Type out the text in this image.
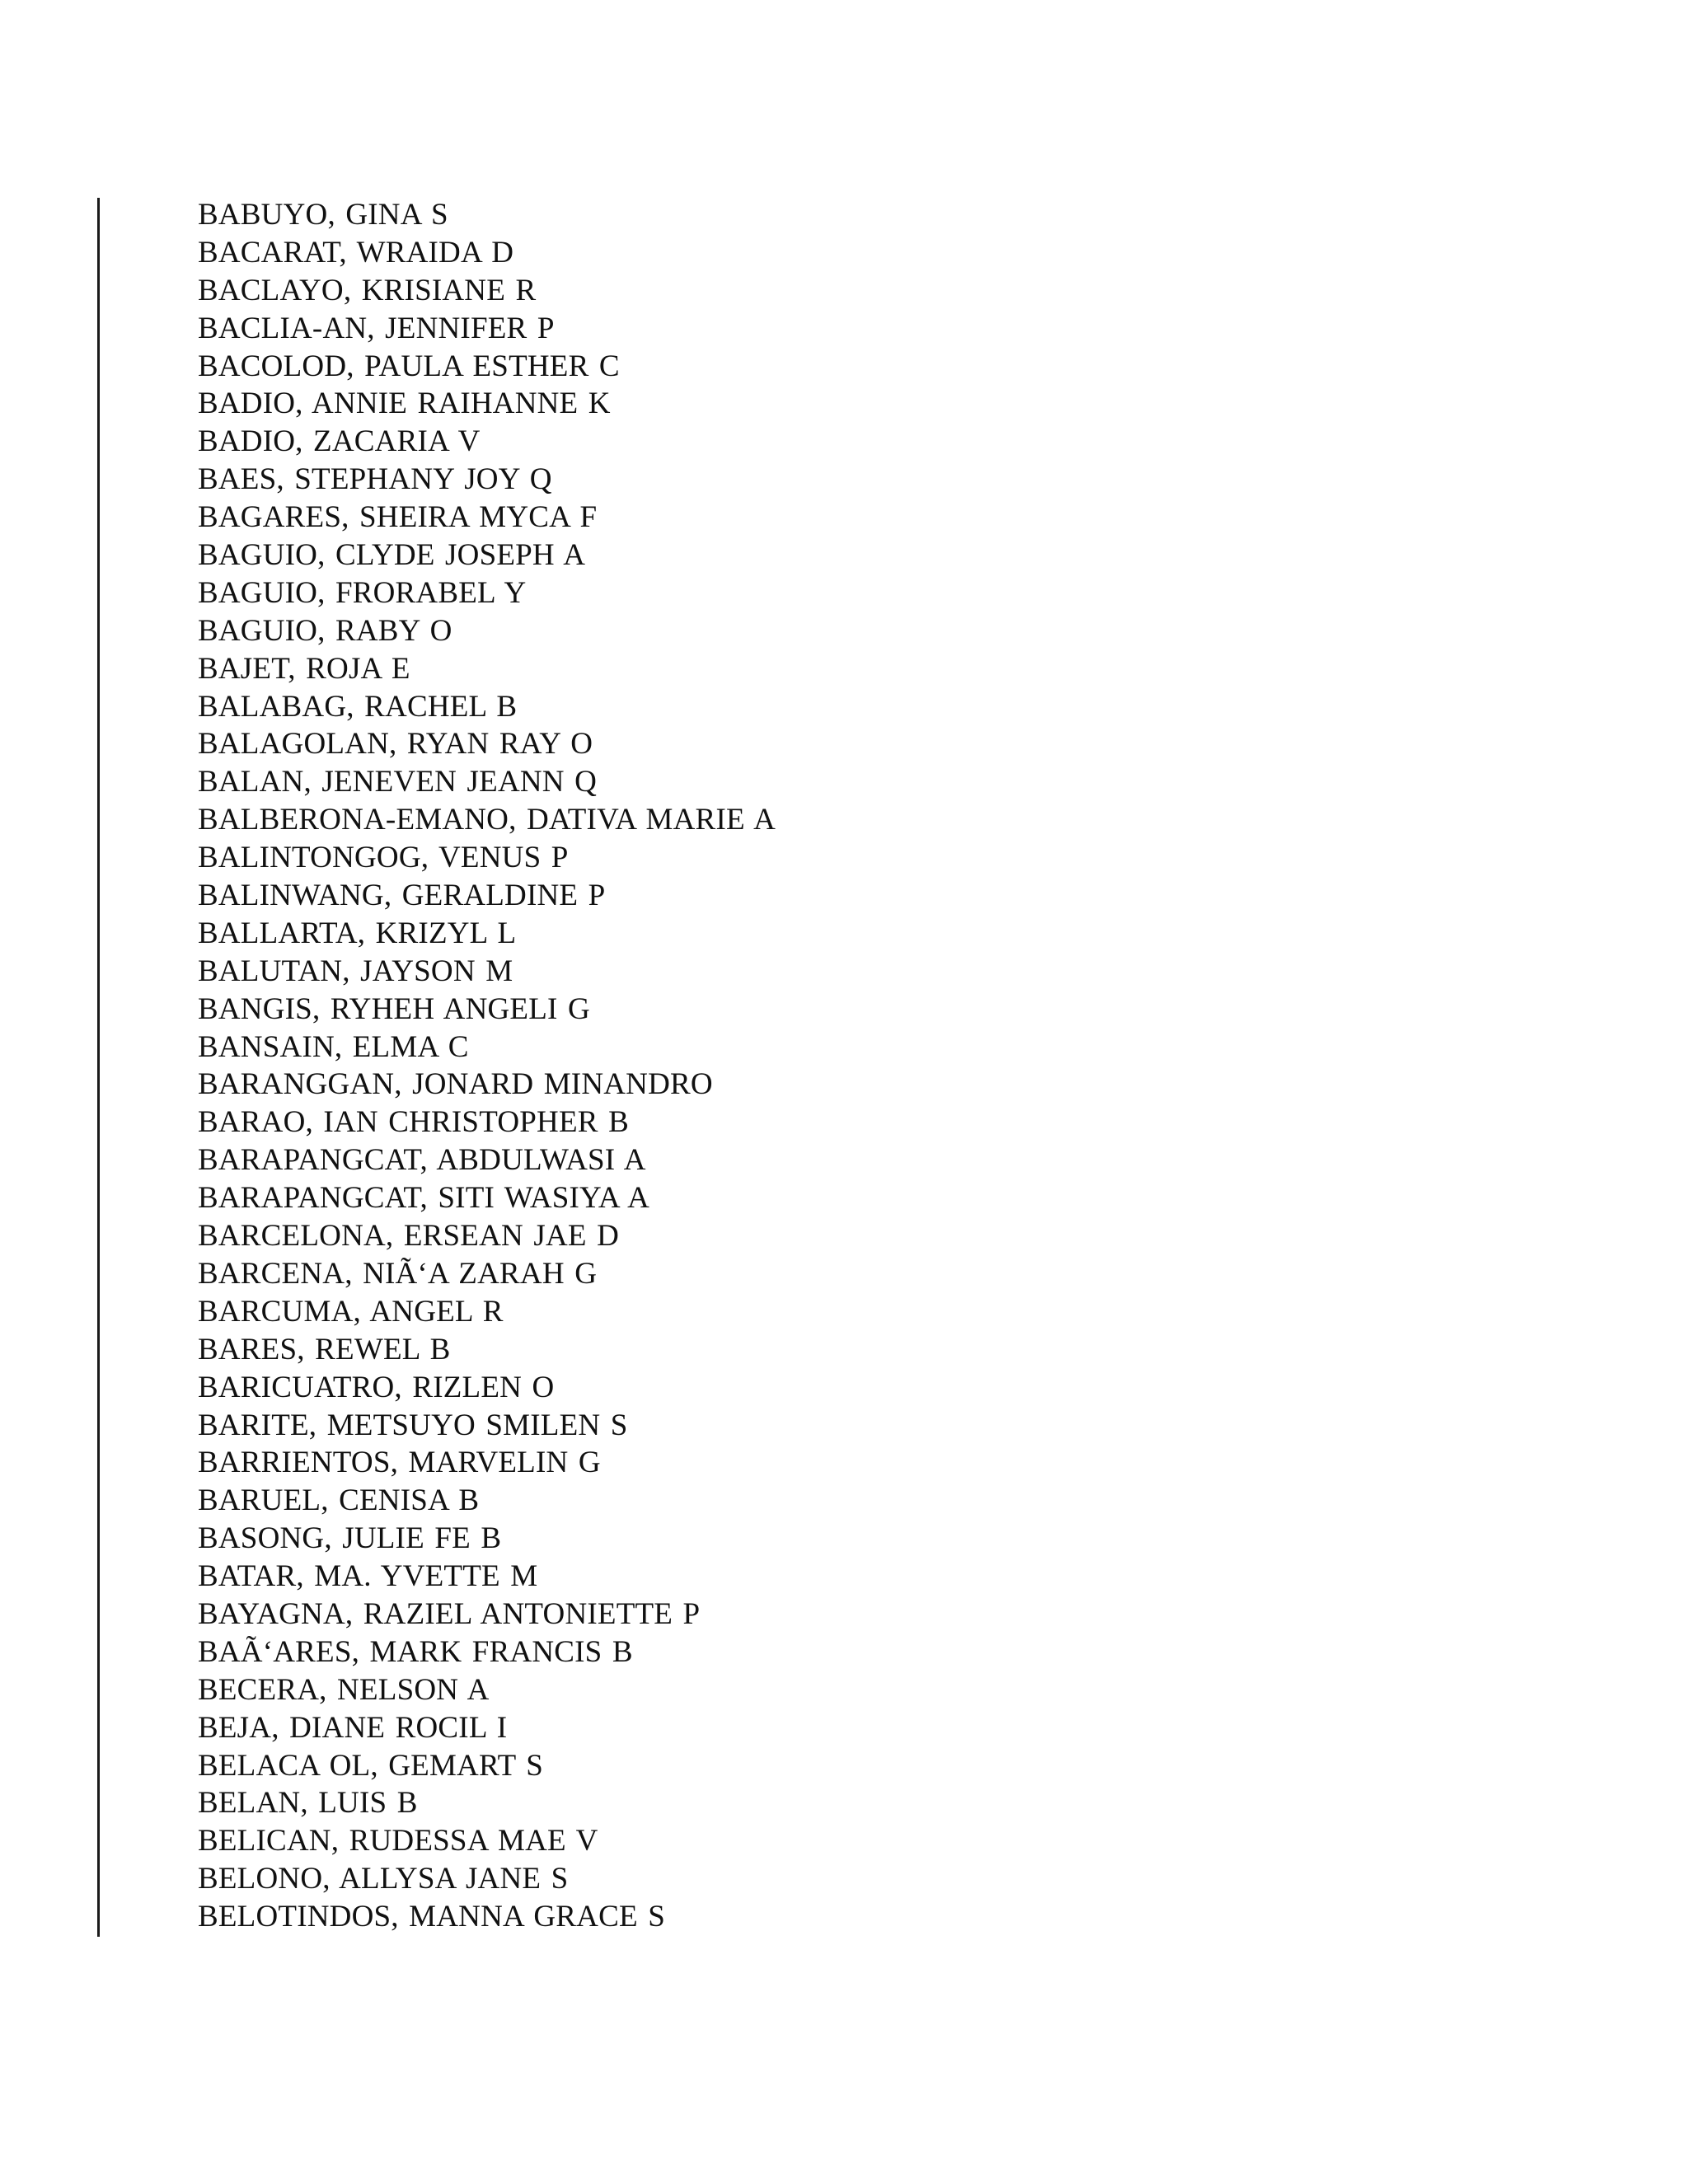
BABUYO, GINA S
BACARAT, WRAIDA D
BACLAYO, KRISIANE R
BACLIA-AN, JENNIFER P
BACOLOD, PAULA ESTHER C
BADIO, ANNIE RAIHANNE K
BADIO, ZACARIA V
BAES, STEPHANY JOY Q
BAGARES, SHEIRA MYCA F
BAGUIO, CLYDE JOSEPH A
BAGUIO, FRORABEL Y
BAGUIO, RABY O
BAJET, ROJA E
BALABAG, RACHEL B
BALAGOLAN, RYAN RAY O
BALAN, JENEVEN JEANN Q
BALBERONA-EMANO, DATIVA MARIE A
BALINTONGOG, VENUS P
BALINWANG, GERALDINE P
BALLARTA, KRIZYL L
BALUTAN, JAYSON M
BANGIS, RYHEH ANGELI G
BANSAIN, ELMA C
BARANGGAN, JONARD MINANDRO
BARAO, IAN CHRISTOPHER B
BARAPANGCAT, ABDULWASI A
BARAPANGCAT, SITI WASIYA A
BARCELONA, ERSEAN JAE D
BARCENA, NIÃ‘A ZARAH G
BARCUMA, ANGEL R
BARES, REWEL B
BARICUATRO, RIZLEN O
BARITE, METSUYO SMILEN S
BARRIENTOS, MARVELIN G
BARUEL, CENISA B
BASONG, JULIE FE B
BATAR, MA. YVETTE M
BAYAGNA, RAZIEL ANTONIETTE P
BAÃ‘ARES, MARK FRANCIS B
BECERA, NELSON A
BEJA, DIANE ROCIL I
BELACA OL, GEMART S
BELAN, LUIS B
BELICAN, RUDESSA MAE V
BELONO, ALLYSA JANE S
BELOTINDOS, MANNA GRACE S
